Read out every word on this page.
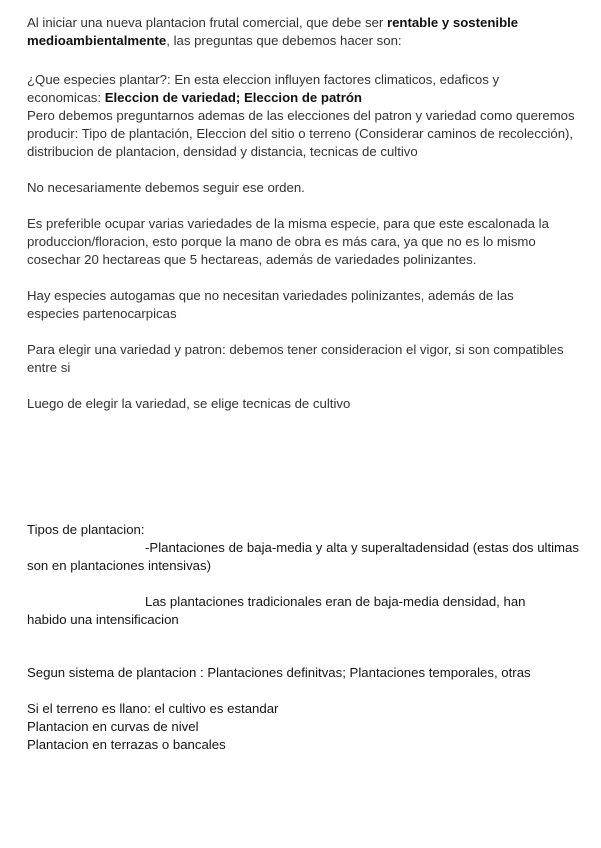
Al iniciar una nueva plantacion frutal comercial, que debe ser rentable y sostenible medioambientalmente, las preguntas que debemos hacer son:

¿Que especies plantar?: En esta eleccion influyen factores climaticos, edaficos y
economicas: Eleccion de variedad; Eleccion de patrón
Pero debemos preguntarnos ademas de las elecciones del patron y variedad como queremos producir: Tipo de plantación, Eleccion del sitio o terreno (Considerar caminos de recolección), distribucion de plantacion, densidad y distancia, tecnicas de cultivo

No necesariamente debemos seguir ese orden.

Es preferible ocupar varias variedades de la misma especie, para que este escalonada la produccion/floracion, esto porque la mano de obra es más cara, ya que no es lo mismo cosechar 20 hectareas que 5 hectareas, además de variedades polinizantes.

Hay especies autogamas que no necesitan variedades polinizantes, además de las especies partenocarpicas

Para elegir una variedad y patron: debemos tener consideracion el vigor, si son compatibles entre si

Luego de elegir la variedad, se elige tecnicas de cultivo

Tipos de plantacion:

-Plantaciones de baja-media y alta y superaltadensidad (estas dos ultimas son en plantaciones intensivas)

Las plantaciones tradicionales eran de baja-media densidad, han habido una intensificacion

Segun sistema de plantacion : Plantaciones definitvas; Plantaciones temporales, otras

Si el terreno es llano: el cultivo es estandar

Plantacion en curvas de nivel

Plantacion en terrazas o bancales
